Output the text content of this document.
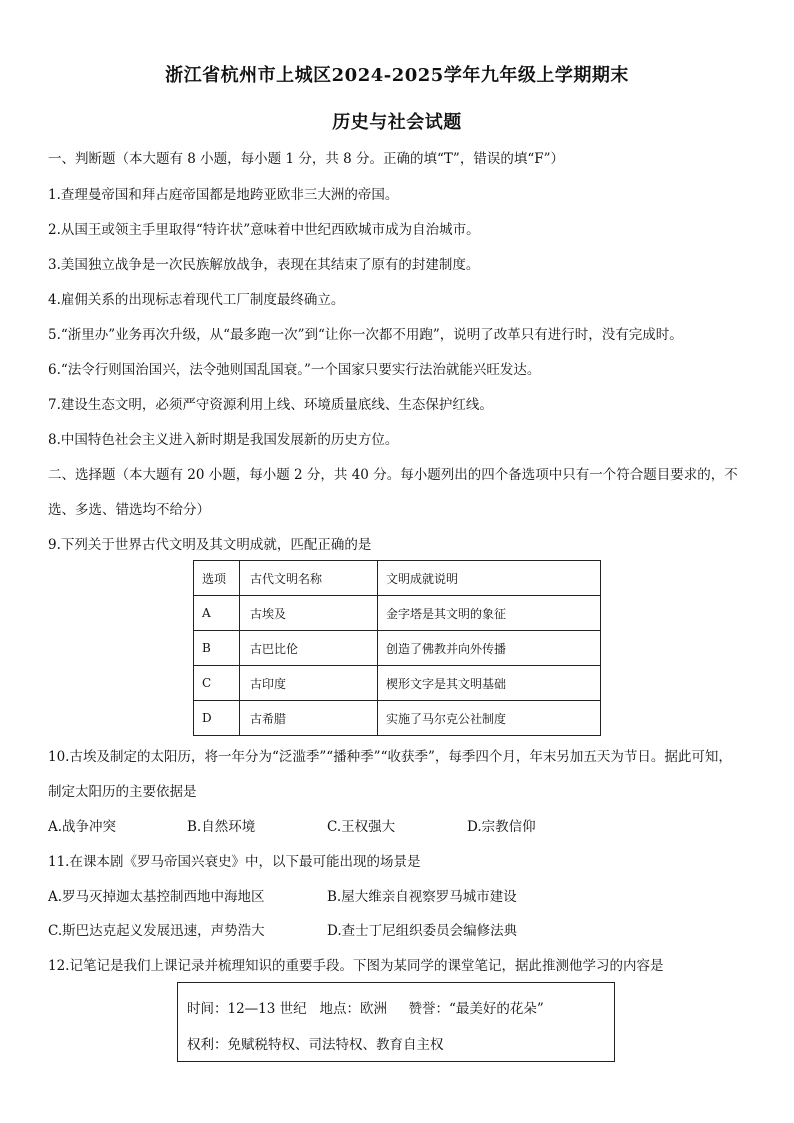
浙江省杭州市上城区2024-2025学年九年级上学期期末
历史与社会试题
一、判断题（本大题有 8 小题，每小题 1 分，共 8 分。正确的填“T”，错误的填“F”）
1.查理曼帝国和拜占庭帝国都是地跨亚欧非三大洲的帝国。
2.从国王或领主手里取得“特许状”意味着中世纪西欧城市成为自治城市。
3.美国独立战争是一次民族解放战争，表现在其结束了原有的封建制度。
4.雇佣关系的出现标志着现代工厂制度最终确立。
5.“浙里办”业务再次升级，从“最多跑一次”到“让你一次都不用跑”，说明了改革只有进行时，没有完成时。
6.“法令行则国治国兴，法令弛则国乱国衰。”一个国家只要实行法治就能兴旺发达。
7.建设生态文明，必须严守资源利用上线、环境质量底线、生态保护红线。
8.中国特色社会主义进入新时期是我国发展新的历史方位。
二、选择题（本大题有 20 小题，每小题 2 分，共 40 分。每小题列出的四个备选项中只有一个符合题目要求的，不
选、多选、错选均不给分）
9.下列关于世界古代文明及其文明成就，匹配正确的是
选项	古代文明名称	文明成就说明
A	古埃及	金字塔是其文明的象征
B	古巴比伦	创造了佛教并向外传播
C	古印度	楔形文字是其文明基础
D	古希腊	实施了马尔克公社制度
10.古埃及制定的太阳历，将一年分为“泛滥季”“播种季”“收获季”，每季四个月，年末另加五天为节日。据此可知，
制定太阳历的主要依据是
A.战争冲突	B.自然环境	C.王权强大	D.宗教信仰
11.在课本剧《罗马帝国兴衰史》中，以下最可能出现的场景是
A.罗马灭掉迦太基控制西地中海地区	B.屋大维亲自视察罗马城市建设
C.斯巴达克起义发展迅速，声势浩大	D.查士丁尼组织委员会编修法典
12.记笔记是我们上课记录并梳理知识的重要手段。下图为某同学的课堂笔记，据此推测他学习的内容是
时间：12—13 世纪   地点：欧洲     赞誉：“最美好的花朵”
权利：免赋税特权、司法特权、教育自主权
